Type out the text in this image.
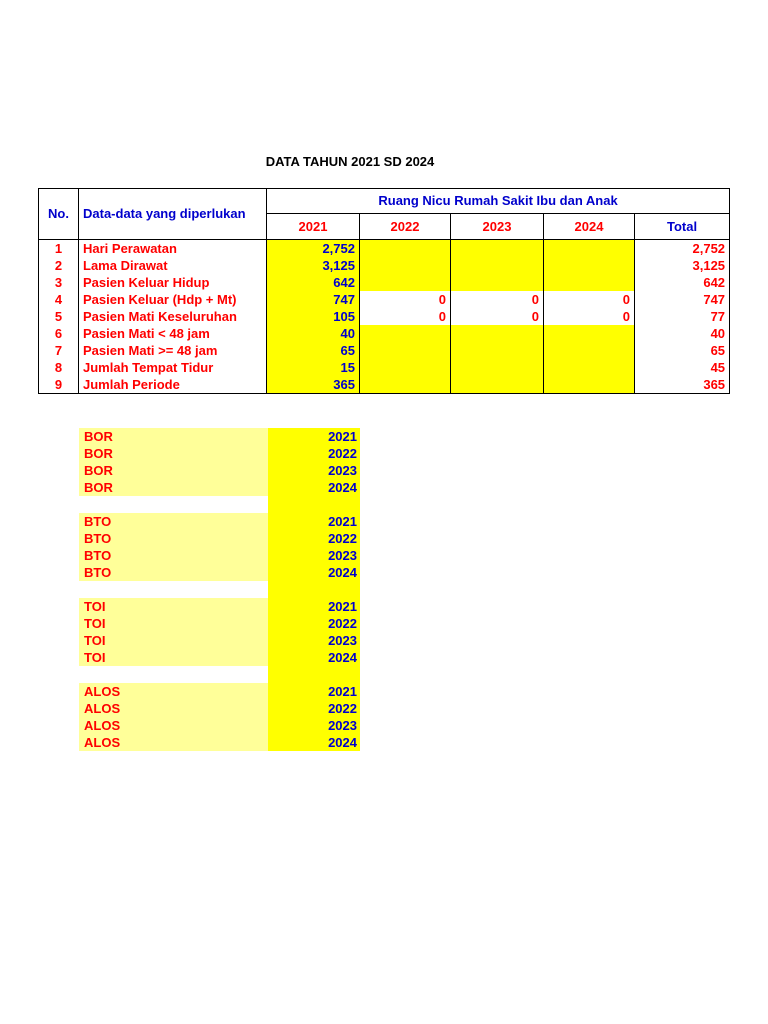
DATA TAHUN 2021 SD 2024
No.	Data-data yang diperlukan	Ruang Nicu Rumah Sakit Ibu dan Anak				
		2021	2022	2023	2024	Total
1	Hari Perawatan	2,752				2,752
2	Lama Dirawat	3,125				3,125
3	Pasien Keluar Hidup	642				642
4	Pasien Keluar (Hdp + Mt)	747	0	0	0	747
5	Pasien Mati Keseluruhan	105	0	0	0	77
6	Pasien Mati < 48 jam	40				40
7	Pasien Mati >= 48 jam	65				65
8	Jumlah Tempat Tidur	15				45
9	Jumlah Periode	365				365
BOR	2021
BOR	2022
BOR	2023
BOR	2024
BTO	2021
BTO	2022
BTO	2023
BTO	2024
TOI	2021
TOI	2022
TOI	2023
TOI	2024
ALOS	2021
ALOS	2022
ALOS	2023
ALOS	2024
